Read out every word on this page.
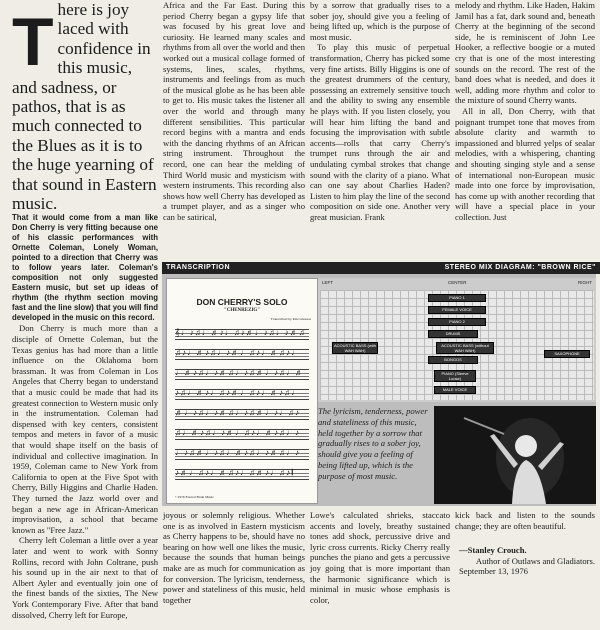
T here is joy laced with confidence in this music, and sadness, or pathos, that is as much connected to the Blues as it is to the huge yearning of that sound in Eastern music.
That it would come from a man like Don Cherry is very fitting because one of his classic performances with Ornette Coleman, Lonely Woman, pointed to a direction that Cherry was to follow years later. Coleman's composition not only suggested Eastern music, but set up ideas of rhythm (the rhythm section moving fast and the line slow) that you will find developed in the music on this record.

Don Cherry is much more than a disciple of Ornette Coleman, but the Texas genius has had more than a little influence on the Oklahoma born brassman. It was from Coleman in Los Angeles that Cherry began to understand that a music could be made that had its greatest connection to Western music only in the instrumentation. Coleman had dispensed with key centers, consistent tempos and meters in favor of a music that would shape itself on the basis of individual and collective imagination. In 1959, Coleman came to New York from California to open at the Five Spot with Cherry, Billy Higgins and Charlie Haden. They turned the Jazz world over and began a new age in African-American improvisation, a school that became known as "Free Jazz."

Cherry left Coleman a little over a year later and went to work with Sonny Rollins, record with John Coltrane, push his sound up in the air next to that of Albert Ayler and eventually join one of the finest bands of the sixties, The New York Contemporary Five. After that band dissolved, Cherry left for Europe,

Africa and the Far East. During this period Cherry began a gypsy life that was focused by his great love and curiosity. He learned many scales and rhythms from all over the world and then worked out a musical collage formed of systems, lines, scales, rhythms, instruments and feelings from as much of the musical globe as he has been able to get to. His music takes the listener all over the world and through many different sensibilities. This particular record begins with a mantra and ends with the dancing rhythms of an African string instrument. Throughout the record, one can hear the melding of Third World music and mysticism with western instruments. This recording also shows how well Cherry has developed as a trumpet player, and as a singer who can be satirical,

by a sorrow that gradually rises to a sober joy, should give you a feeling of being lifted up, which is the purpose of most music.

To play this music of perpetual transformation, Cherry has picked some very fine artists. Billy Higgins is one of the greatest drummers of the century, possessing an extremely sensitive touch and the ability to swing any ensemble he plays with. If you listen closely, you will hear him lifting the band and focusing the improvisation with subtle accents—rolls that carry Cherry's trumpet runs through the air and undulating cymbal strokes that change sound with the clarity of a piano. What can one say about Charlies Haden? Listen to him play the line of the second composition on side one. Another very great musician. Frank

melody and rhythm. Like Haden, Hakim Jamil has a fat, dark sound and, beneath Cherry at the beginning of the second side, he is reminiscent of John Lee Hooker, a reflective boogie or a muted cry that is one of the most interesting sounds on the record. The rest of the band does what is needed, and does it well, adding more rhythm and color to the mixture of sound Cherry wants.

All in all, Don Cherry, with that poignant trumpet tone that moves from absolute clarity and warmth to impassioned and blurred yelps of sealar melodies, with a whispering, chanting and shouting singing style and a sense of international non-European music made into one force by improvisation, has come up with another recording that will have a special place in your collection. Just

TRANSCRIPTION	STEREO MIX DIAGRAM: "BROWN RICE"
DON CHERRY'S SOLO
"CHENREZIG"
Transcribed by Pete Gleason
𝄞♩♪♫♩♬♪♩♫♪♬♩♪♫♩♪♬♫
♫♪♩♬♪♫♩♪♬♩♫♪♩♬♫♪♩
♩♬♪♫♩♪♬♫♩♪♫♬♩♪♫♩♬
♪♫♩♬♪♩♫♪♬♩♫♪♩♬♪♫♩
♬♩♪♫♩♪♬♫♩♪♫♬♩♪♩♫♪
♫♩♬♪♫♩♪♬♩♫♪♩♬♪♫♩♪
♩♪♫♬♩♪♫♩♬♪♫♩♪♬♫♩♪
♪♬♩♫♪♩♬♫♪♩♫♬♪♩♫♪𝄂
©1976 Eternal Brain Music
LEFT	CENTER	RIGHT
PIANO 1
FEMALE VOICE
PIANO 2
DRUMS
ACOUSTIC BASS (with WAH WAH)
ACOUSTIC BASS (without WAH WAH)
BONGOS
SAXOPHONE
PIANO (Sleeve Loose)
MALE VOICE
The lyricism, tenderness, power and stateliness of this music, held together by a sorrow that gradually rises to a sober joy, should give you a feeling of being lifted up, which is the purpose of most music.

joyous or solemnly religious. Whether one is as involved in Eastern mysticism as Cherry happens to be, should have no bearing on how well one likes the music, because the sounds that human beings make are as much for communication as for conversion. The lyricism, tenderness, power and stateliness of this music, held together

Lowe's calculated shrieks, staccato accents and lovely, breathy sustained tones add shock, percussive drive and lyric cross currents. Ricky Cherry really punches the piano and gets a percussive joy going that is more important than the harmonic significance which is minimal in music whose emphasis is color,

kick back and listen to the sounds change; they are often beautiful.

—Stanley Crouch.
Author of Outlaws and Gladiators.
September 13, 1976
